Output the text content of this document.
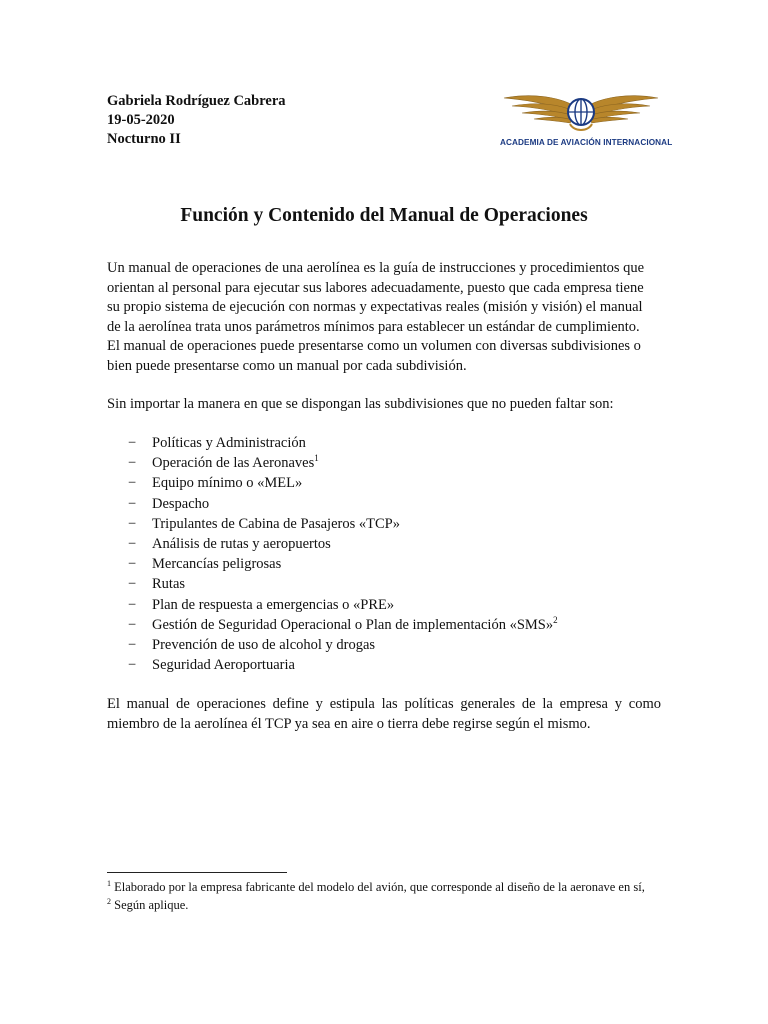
Gabriela Rodríguez Cabrera
19-05-2020
Nocturno II	ACADEMIA DE AVIACIÓN INTERNACIONAL
Función y Contenido del Manual de Operaciones
Un manual de operaciones de una aerolínea es la guía de instrucciones y procedimientos que
orientan al personal para ejecutar sus labores adecuadamente, puesto que cada empresa tiene
su propio sistema de ejecución con normas y expectativas reales (misión y visión) el manual
de la aerolínea trata unos parámetros mínimos para establecer un estándar de cumplimiento.
El manual de operaciones puede presentarse como un volumen con diversas subdivisiones o
bien puede presentarse como un manual por cada subdivisión.
Sin importar la manera en que se dispongan las subdivisiones que no pueden faltar son:
− Políticas y Administración
− Operación de las Aeronaves$^1$
− Equipo mínimo o «MEL»
− Despacho
− Tripulantes de Cabina de Pasajeros «TCP»
− Análisis de rutas y aeropuertos
− Mercancías peligrosas
− Rutas
− Plan de respuesta a emergencias o «PRE»
− Gestión de Seguridad Operacional o Plan de implementación «SMS»$^2$
− Prevención de uso de alcohol y drogas
− Seguridad Aeroportuaria
El manual de operaciones define y estipula las políticas generales de la empresa y como
miembro de la aerolínea él TCP ya sea en aire o tierra debe regirse según el mismo.

$^1$ Elaborado por la empresa fabricante del modelo del avión, que corresponde al diseño de la aeronave en sí,

$^2$ Según aplique.
